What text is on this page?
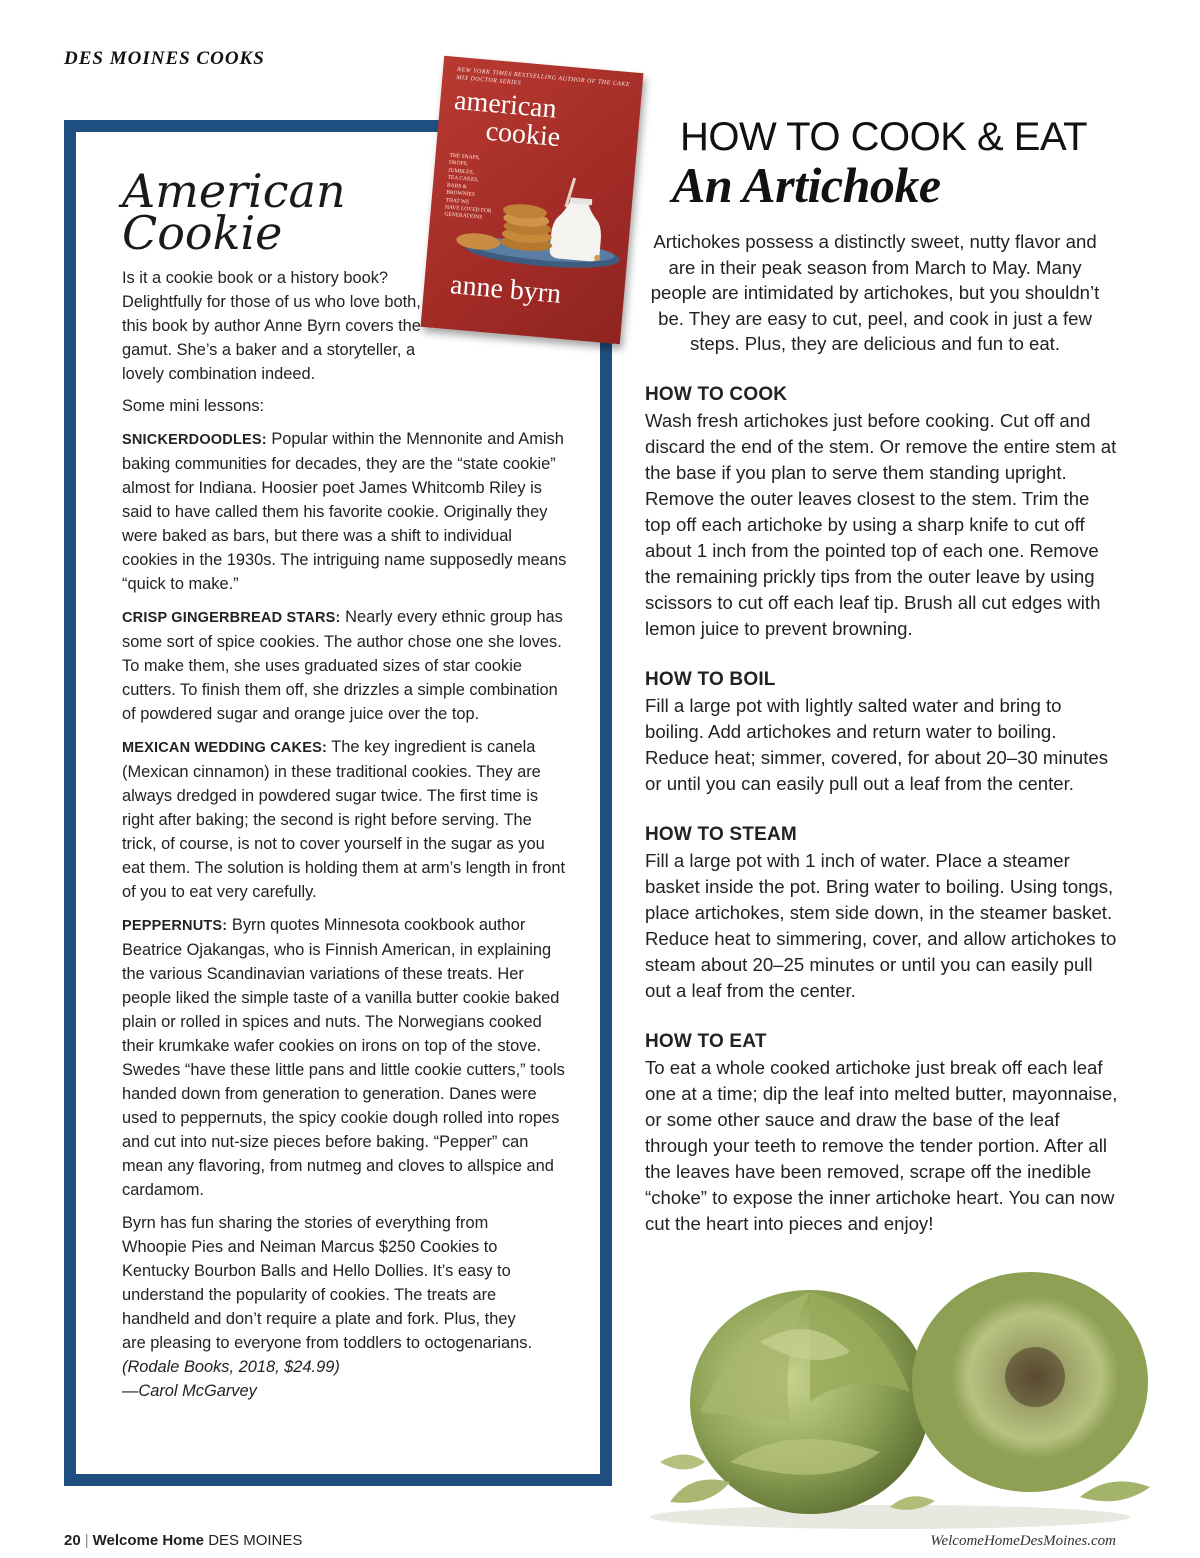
DES MOINES COOKS
American
Cookie
NEW YORK TIMES BESTSELLING AUTHOR OF THE CAKE MIX DOCTOR SERIES
american
cookie
THE SNAPS,
DROPS,
JUMBLES,
TEA CAKES,
BARS &
BROWNIES
THAT WE
HAVE LOVED FOR
GENERATIONS
anne byrn

Is it a cookie book or a history book? Delightfully for those of us who love both, this book by author Anne Byrn covers the gamut. She’s a baker and a storyteller, a lovely combination indeed.

Some mini lessons:

SNICKERDOODLES: Popular within the Mennonite and Amish baking communities for decades, they are the “state cookie” almost for Indiana. Hoosier poet James Whitcomb Riley is said to have called them his favorite cookie. Originally they were baked as bars, but there was a shift to individual cookies in the 1930s. The intriguing name supposedly means “quick to make.”

CRISP GINGERBREAD STARS: Nearly every ethnic group has some sort of spice cookies. The author chose one she loves. To make them, she uses graduated sizes of star cookie cutters. To finish them off, she drizzles a simple combination of powdered sugar and orange juice over the top.

MEXICAN WEDDING CAKES: The key ingredient is canela (Mexican cinnamon) in these traditional cookies. They are always dredged in powdered sugar twice. The first time is right after baking; the second is right before serving. The trick, of course, is not to cover yourself in the sugar as you eat them. The solution is holding them at arm’s length in front of you to eat very carefully.

PEPPERNUTS: Byrn quotes Minnesota cookbook author Beatrice Ojakangas, who is Finnish American, in explaining the various Scandinavian variations of these treats. Her people liked the simple taste of a vanilla butter cookie baked plain or rolled in spices and nuts. The Norwegians cooked their krumkake wafer cookies on irons on top of the stove. Swedes “have these little pans and little cookie cutters,” tools handed down from generation to generation. Danes were used to peppernuts, the spicy cookie dough rolled into ropes and cut into nut-size pieces before baking. “Pepper” can mean any flavoring, from nutmeg and cloves to allspice and cardamom.

Byrn has fun sharing the stories of everything from Whoopie Pies and Neiman Marcus $250 Cookies to Kentucky Bourbon Balls and Hello Dollies. It’s easy to understand the popularity of cookies. The treats are handheld and don’t require a plate and fork. Plus, they are pleasing to everyone from toddlers to octogenarians. (Rodale Books, 2018, $24.99)
—Carol McGarvey

HOW TO COOK & EAT
An Artichoke
Artichokes possess a distinctly sweet, nutty flavor and are in their peak season from March to May. Many people are intimidated by artichokes, but you shouldn’t be. They are easy to cut, peel, and cook in just a few steps. Plus, they are delicious and fun to eat.
HOW TO COOK

Wash fresh artichokes just before cooking. Cut off and discard the end of the stem. Or remove the entire stem at the base if you plan to serve them standing upright. Remove the outer leaves closest to the stem. Trim the top off each artichoke by using a sharp knife to cut off about 1 inch from the pointed top of each one. Remove the remaining prickly tips from the outer leave by using scissors to cut off each leaf tip. Brush all cut edges with lemon juice to prevent browning.

HOW TO BOIL

Fill a large pot with lightly salted water and bring to boiling. Add artichokes and return water to boiling. Reduce heat; simmer, covered, for about 20–30 minutes or until you can easily pull out a leaf from the center.

HOW TO STEAM

Fill a large pot with 1 inch of water. Place a steamer basket inside the pot. Bring water to boiling. Using tongs, place artichokes, stem side down, in the steamer basket. Reduce heat to simmering, cover, and allow artichokes to steam about 20–25 minutes or until you can easily pull out a leaf from the center.

HOW TO EAT

To eat a whole cooked artichoke just break off each leaf one at a time; dip the leaf into melted butter, mayonnaise, or some other sauce and draw the base of the leaf through your teeth to remove the tender portion. After all the leaves have been removed, scrape off the inedible “choke” to expose the inner artichoke heart. You can now cut the heart into pieces and enjoy!

20 | Welcome Home DES MOINES	WelcomeHomeDesMoines.com
